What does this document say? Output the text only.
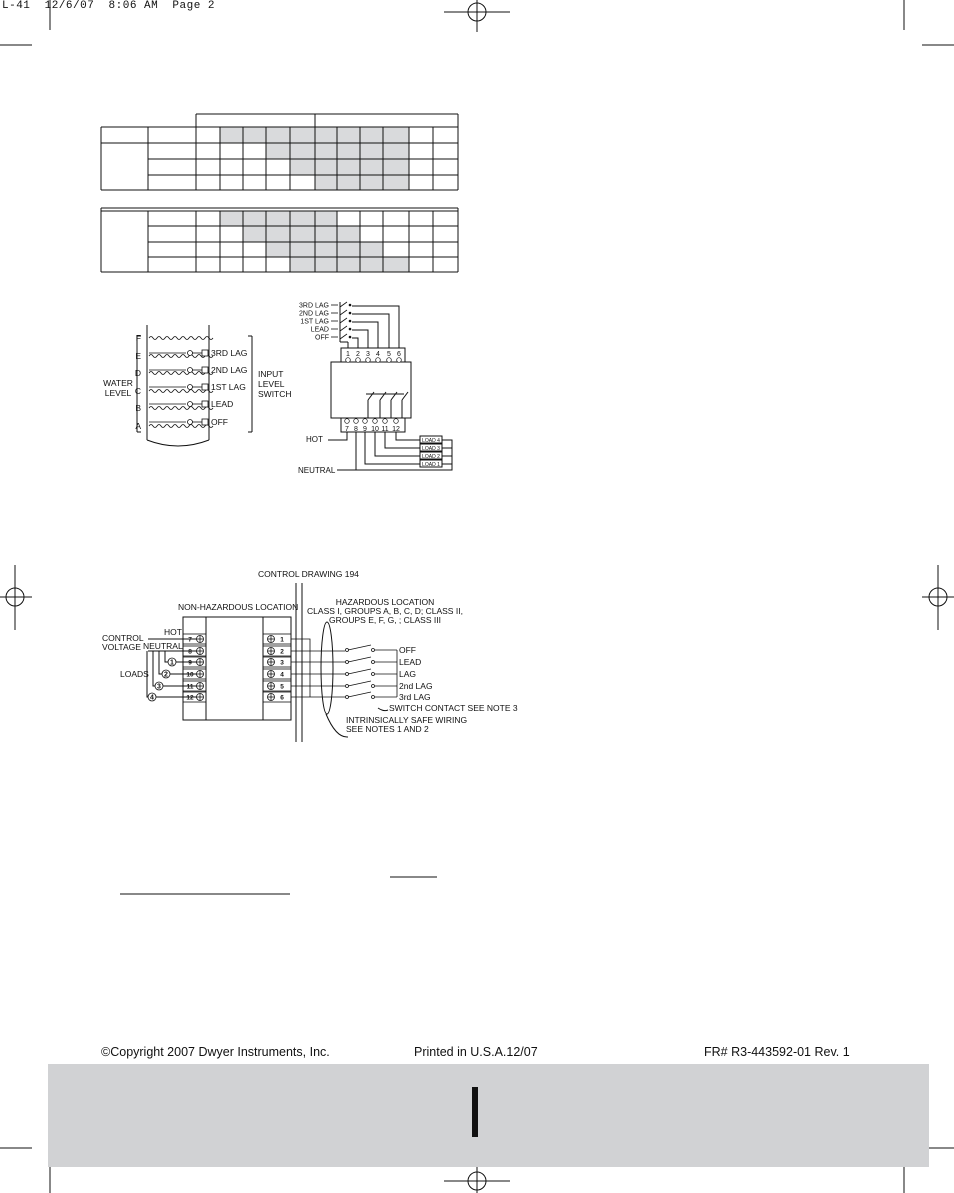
L-41  12/6/07  8:06 AM  Page 2
F
E
D
C
B
A
3RD LAG
2ND LAG
1ST LAG
LEAD
OFF
WATER
LEVEL
INPUT
LEVEL
SWITCH
3RD LAG
2ND LAG
1ST LAG
LEAD
OFF
1 2 3 4 5 6
7 8 9 10 11 12
LOAD 4
LOAD 3
LOAD 2
LOAD 1
HOT
NEUTRAL
CONTROL DRAWING 194
NON-HAZARDOUS LOCATION	HAZARDOUS LOCATION
CLASS I, GROUPS A, B, C, D; CLASS II,
GROUPS E, F, G, ; CLASS III
CONTROL
VOLTAGE
HOT
NEUTRAL
LOADS
7
8
9
10
11
12
1
2
3
4
5
6
OFF
LEAD
LAG
2nd LAG
3rd LAG
1
2
3
4
SWITCH CONTACT SEE NOTE 3
INTRINSICALLY SAFE WIRING
SEE NOTES 1 AND 2
©Copyright 2007 Dwyer Instruments, Inc.	Printed in U.S.A.12/07	FR# R3-443592-01 Rev. 1
